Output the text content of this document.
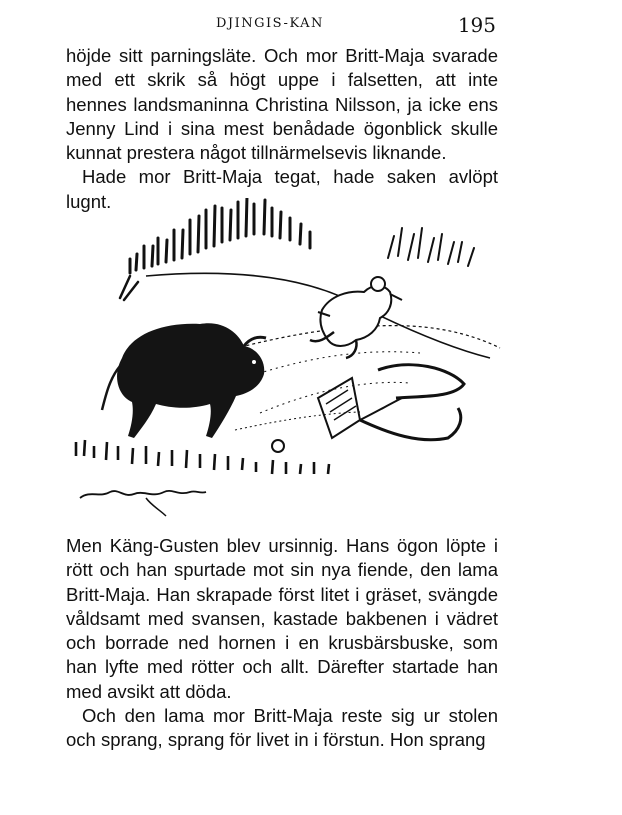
DJINGIS-KAN	195

höjde sitt parningsläte. Och mor Britt-Maja svarade med ett skrik så högt uppe i falsetten, att inte hennes landsmaninna Christina Nilsson, ja icke ens Jenny Lind i sina mest benådade ögonblick skulle kunnat prestera något tillnärmelsevis liknande.

Hade mor Britt-Maja tegat, hade saken avlöpt lugnt.

Men Käng-Gusten blev ursinnig. Hans ögon löpte i rött och han spurtade mot sin nya fiende, den lama Britt-Maja. Han skrapade först litet i gräset, svängde våldsamt med svansen, kastade bakbenen i vädret och borrade ned hornen i en krusbärsbuske, som han lyfte med rötter och allt. Därefter startade han med avsikt att döda.

Och den lama mor Britt-Maja reste sig ur stolen och sprang, sprang för livet in i förstun. Hon sprang
